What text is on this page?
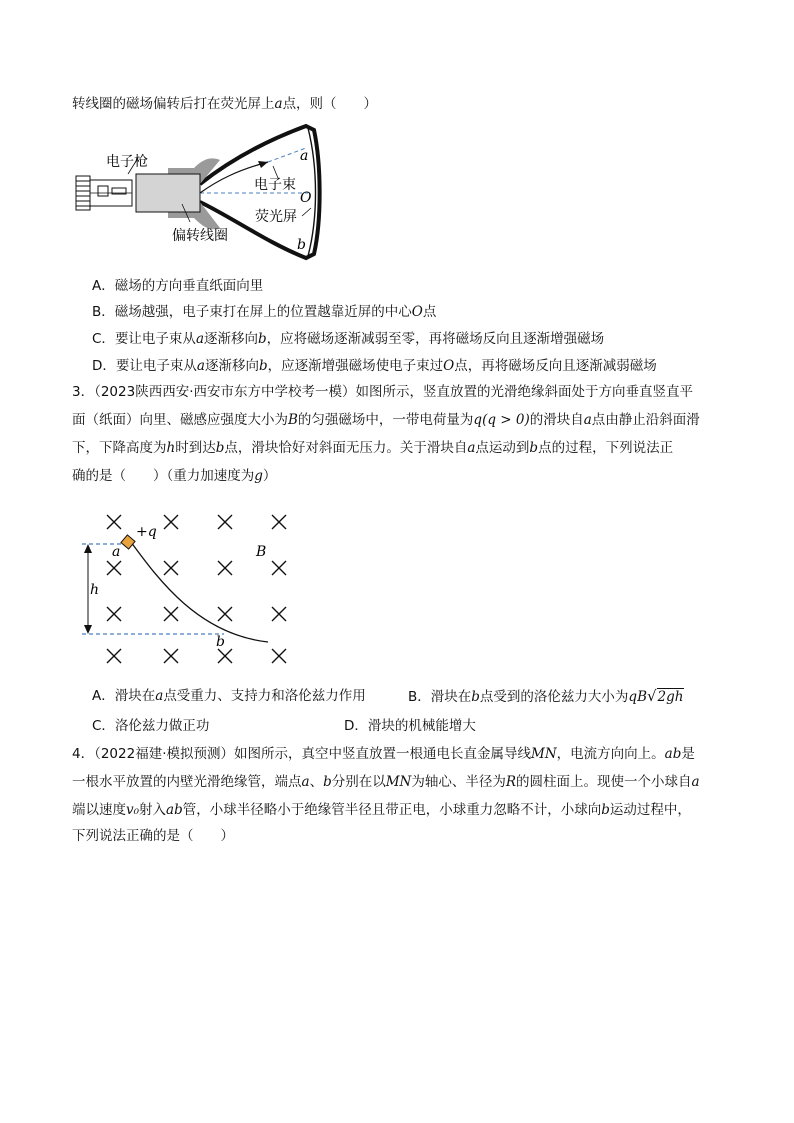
转线圈的磁场偏转后打在荧光屏上a点，则（　　）
电子枪
电子束
荧光屏
偏转线圈
a
O
b
A．磁场的方向垂直纸面向里
B．磁场越强，电子束打在屏上的位置越靠近屏的中心O点
C．要让电子束从a逐渐移向b，应将磁场逐渐减弱至零，再将磁场反向且逐渐增强磁场
D．要让电子束从a逐渐移向b，应逐渐增强磁场使电子束过O点，再将磁场反向且逐渐减弱磁场
3．（2023陕西西安·西安市东方中学校考一模）如图所示，竖直放置的光滑绝缘斜面处于方向垂直竖直平
面（纸面）向里、磁感应强度大小为B的匀强磁场中，一带电荷量为q(q > 0)的滑块自a点由静止沿斜面滑
下，下降高度为h时到达b点，滑块恰好对斜面无压力。关于滑块自a点运动到b点的过程，下列说法正
确的是（　　）（重力加速度为g）
+q
a	B
h
b
A．滑块在a点受重力、支持力和洛伦兹力作用	B．滑块在b点受到的洛伦兹力大小为qB√2gh
C．洛伦兹力做正功	D．滑块的机械能增大
4．（2022福建·模拟预测）如图所示，真空中竖直放置一根通电长直金属导线MN，电流方向向上。ab是
一根水平放置的内壁光滑绝缘管，端点a、b分别在以MN为轴心、半径为R的圆柱面上。现使一个小球自a
端以速度v₀射入ab管，小球半径略小于绝缘管半径且带正电，小球重力忽略不计，小球向b运动过程中，
下列说法正确的是（　　）
